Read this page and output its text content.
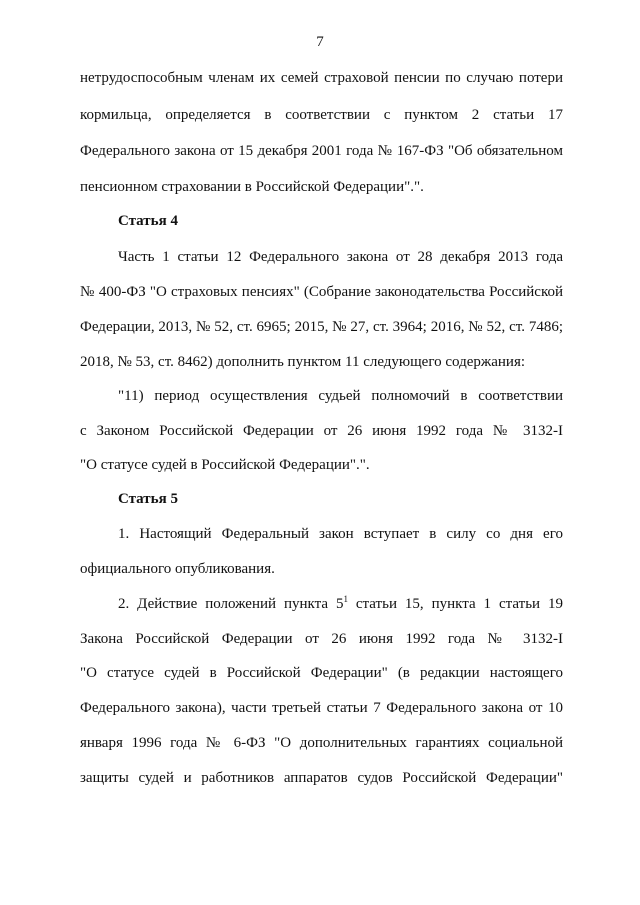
7
нетрудоспособным членам их семей страховой пенсии по случаю потери
кормильца, определяется в соответствии с пунктом 2 статьи 17
Федерального закона от 15 декабря 2001 года № 167-ФЗ "Об обязательном
пенсионном страховании в Российской Федерации".".
Статья 4
Часть 1 статьи 12 Федерального закона от 28 декабря 2013 года
№ 400-ФЗ "О страховых пенсиях" (Собрание законодательства Российской
Федерации, 2013, № 52, ст. 6965; 2015, № 27, ст. 3964; 2016, № 52, ст. 7486;
2018, № 53, ст. 8462) дополнить пунктом 11 следующего содержания:
"11) период осуществления судьей полномочий в соответствии
с Законом Российской Федерации от 26 июня 1992 года № 3132-I
"О статусе судей в Российской Федерации".".
Статья 5
1. Настоящий Федеральный закон вступает в силу со дня его
официального опубликования.
2. Действие положений пункта $5^1$ статьи 15, пункта 1 статьи 19
Закона Российской Федерации от 26 июня 1992 года № 3132-I
"О статусе судей в Российской Федерации" (в редакции настоящего
Федерального закона), части третьей статьи 7 Федерального закона от 10
января 1996 года № 6-ФЗ "О дополнительных гарантиях социальной
защиты судей и работников аппаратов судов Российской Федерации"
